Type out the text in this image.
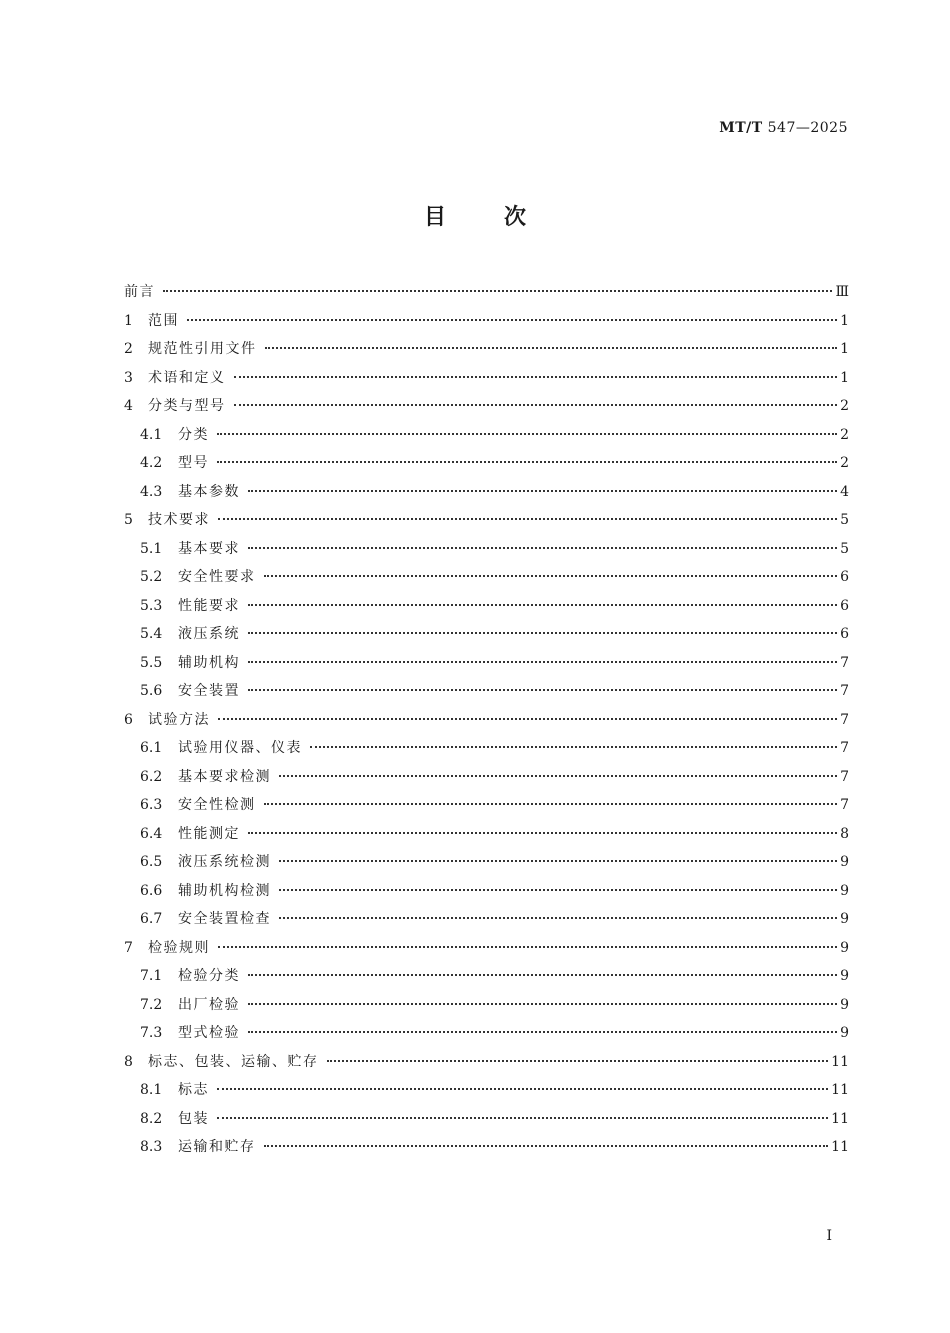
MT/T 547—2025
目次
前言	Ⅲ
1	范围	1
2	规范性引用文件	1
3	术语和定义	1
4	分类与型号	2
4.1	分类	2
4.2	型号	2
4.3	基本参数	4
5	技术要求	5
5.1	基本要求	5
5.2	安全性要求	6
5.3	性能要求	6
5.4	液压系统	6
5.5	辅助机构	7
5.6	安全装置	7
6	试验方法	7
6.1	试验用仪器、仪表	7
6.2	基本要求检测	7
6.3	安全性检测	7
6.4	性能测定	8
6.5	液压系统检测	9
6.6	辅助机构检测	9
6.7	安全装置检查	9
7	检验规则	9
7.1	检验分类	9
7.2	出厂检验	9
7.3	型式检验	9
8	标志、包装、运输、贮存	11
8.1	标志	11
8.2	包装	11
8.3	运输和贮存	11
I
